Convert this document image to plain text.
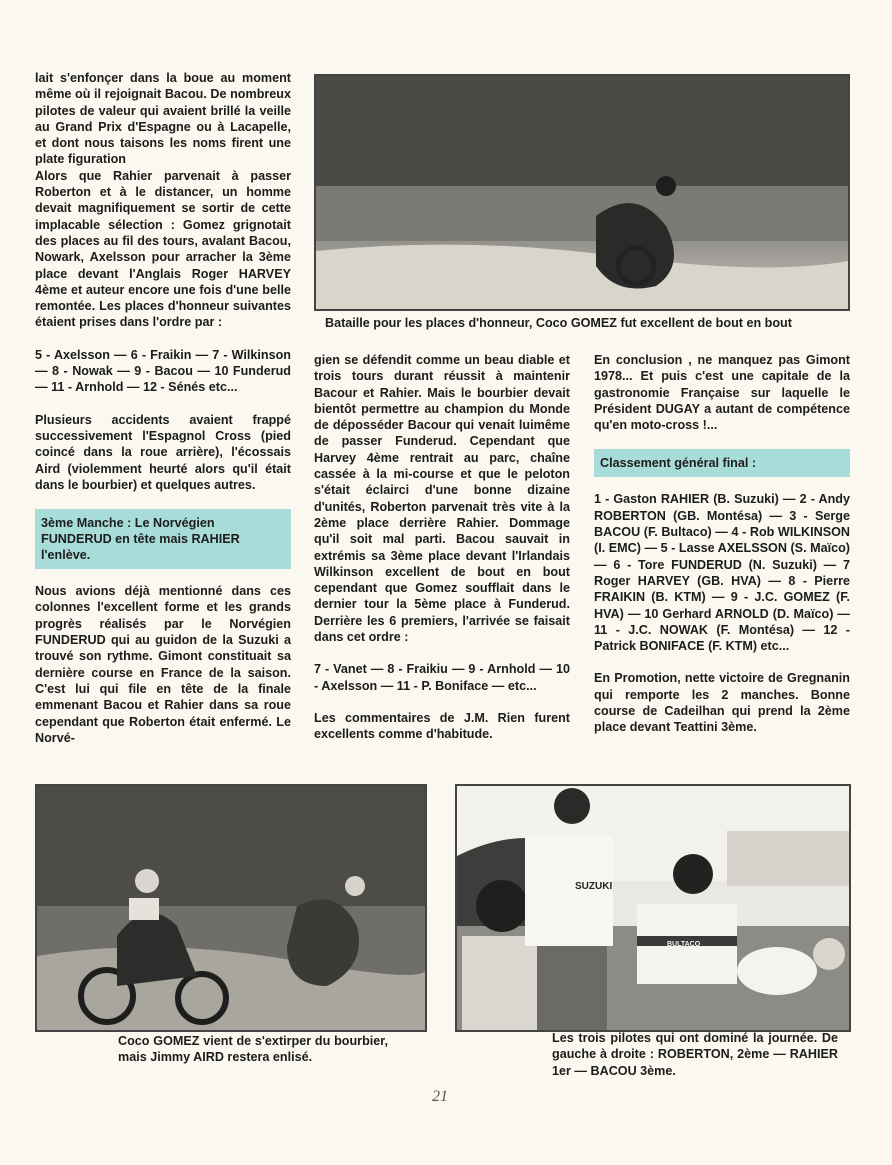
lait s'enfonçer dans la boue au moment même où il rejoignait Bacou. De nombreux pilotes de valeur qui avaient brillé la veille au Grand Prix d'Espagne ou à Lacapelle, et dont nous taisons les noms firent une plate figuration

Alors que Rahier parvenait à passer Roberton et à le distancer, un homme devait magnifiquement se sortir de cette implacable sélection : Gomez grignotait des places au fil des tours, avalant Bacou, Nowark, Axelsson pour arracher la 3ème place devant l'Anglais Roger HARVEY 4ème et auteur encore une fois d'une belle remontée. Les places d'honneur suivantes étaient prises dans l'ordre par :

5 - Axelsson — 6 - Fraikin — 7 - Wilkinson — 8 - Nowak — 9 - Bacou — 10 Funderud — 11 - Arnhold — 12 - Sénés etc...

Plusieurs accidents avaient frappé successivement l'Espagnol Cross (pied coincé dans la roue arrière), l'écossais Aird (violemment heurté alors qu'il était dans le bourbier) et quelques autres.

3ème Manche : Le Norvégien FUNDERUD en tête mais RAHIER l'enlève.

Nous avions déjà mentionné dans ces colonnes l'excellent forme et les grands progrès réalisés par le Norvégien FUNDERUD qui au guidon de la Suzuki a trouvé son rythme. Gimont constituait sa dernière course en France de la saison. C'est lui qui file en tête de la finale emmenant Bacou et Rahier dans sa roue cependant que Roberton était enfermé. Le Norvé-

Bataille pour les places d'honneur, Coco GOMEZ fut excellent de bout en bout

gien se défendit comme un beau diable et trois tours durant réussit à maintenir Bacour et Rahier. Mais le bourbier devait bientôt permettre au champion du Monde de déposséder Bacour qui venait luimême de passer Funderud. Cependant que Harvey 4ème rentrait au parc, chaîne cassée à la mi-course et que le peloton s'était éclairci d'une bonne dizaine d'unités, Roberton parvenait très vite à la 2ème place derrière Rahier. Dommage qu'il soit mal parti. Bacou sauvait in extrémis sa 3ème place devant l'Irlandais Wilkinson excellent de bout en bout cependant que Gomez soufflait dans le dernier tour la 5ème place à Funderud. Derrière les 6 premiers, l'arrivée se faisait dans cet ordre :

7 - Vanet — 8 - Fraikiu — 9 - Arnhold — 10 - Axelsson — 11 - P. Boniface — etc...

Les commentaires de J.M. Rien furent excellents comme d'habitude.

En conclusion , ne manquez pas Gimont 1978... Et puis c'est une capitale de la gastronomie Française sur laquelle le Président DUGAY a autant de compétence qu'en moto-cross !...

Classement général final :

1 - Gaston RAHIER (B. Suzuki) — 2 - Andy ROBERTON (GB. Montésa) — 3 - Serge BACOU (F. Bultaco) — 4 - Rob WILKINSON (I. EMC) — 5 - Lasse AXELSSON (S. Maïco) — 6 - Tore FUNDERUD (N. Suzuki) — 7 Roger HARVEY (GB. HVA) — 8 - Pierre FRAIKIN (B. KTM) — 9 - J.C. GOMEZ (F. HVA) — 10 Gerhard ARNOLD (D. Maïco) — 11 - J.C. NOWAK (F. Montésa) — 12 - Patrick BONIFACE (F. KTM) etc...

En Promotion, nette victoire de Gregnanin qui remporte les 2 manches. Bonne course de Cadeilhan qui prend la 2ème place devant Teattini 3ème.

Coco GOMEZ vient de s'extirper du bourbier, mais Jimmy AIRD restera enlisé.
SUZUKI
BULTACO
Les trois pilotes qui ont dominé la journée. De gauche à droite : ROBERTON, 2ème — RAHIER 1er — BACOU 3ème.
21
